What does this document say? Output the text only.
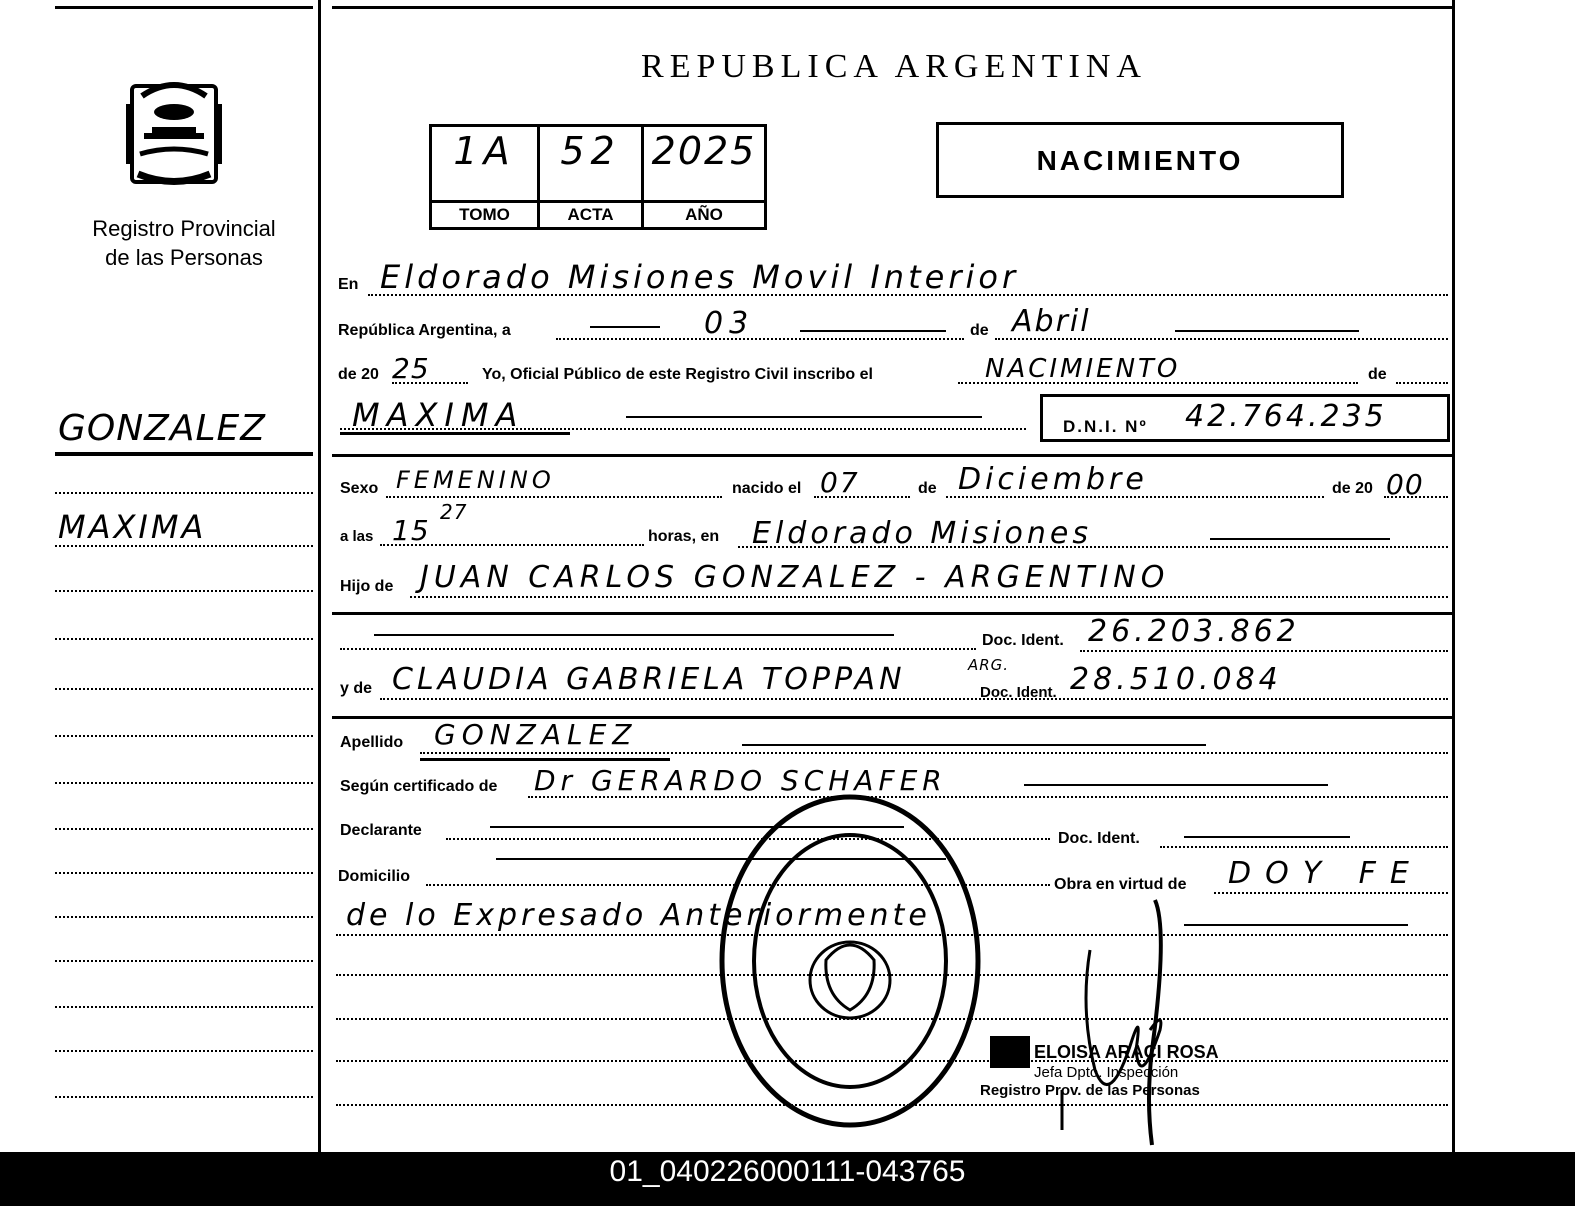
Registro Provincial
de las Personas
REPUBLICA ARGENTINA
1A
TOMO
52
ACTA
2025
AÑO
NACIMIENTO
GONZALEZ
MAXIMA
En Eldorado Misiones Movil Interior
República Argentina, a	03	de Abril
de 20 25	Yo, Oficial Público de este Registro Civil inscribo el	NACIMIENTO	de
MAXIMA	D.N.I. Nº 42.764.235
Sexo FEMENINO	nacido el 07	de Diciembre	de 20 00
a las 15
27
horas, en Eldorado Misiones
Hijo de JUAN CARLOS GONZALEZ - ARGENTINO
Doc. Ident. 26.203.862
y de CLAUDIA GABRIELA TOPPAN	ARG.
Doc. Ident. 28.510.084
Apellido GONZALEZ
Según certificado de Dr GERARDO SCHAFER
Declarante	Doc. Ident.
Domicilio	Obra en virtud de DOY FE
de lo Expresado Anteriormente
ELOISA ARACI ROSA
Jefa Dpto. Inspección
Registro Prov. de las Personas
01_040226000111-043765
